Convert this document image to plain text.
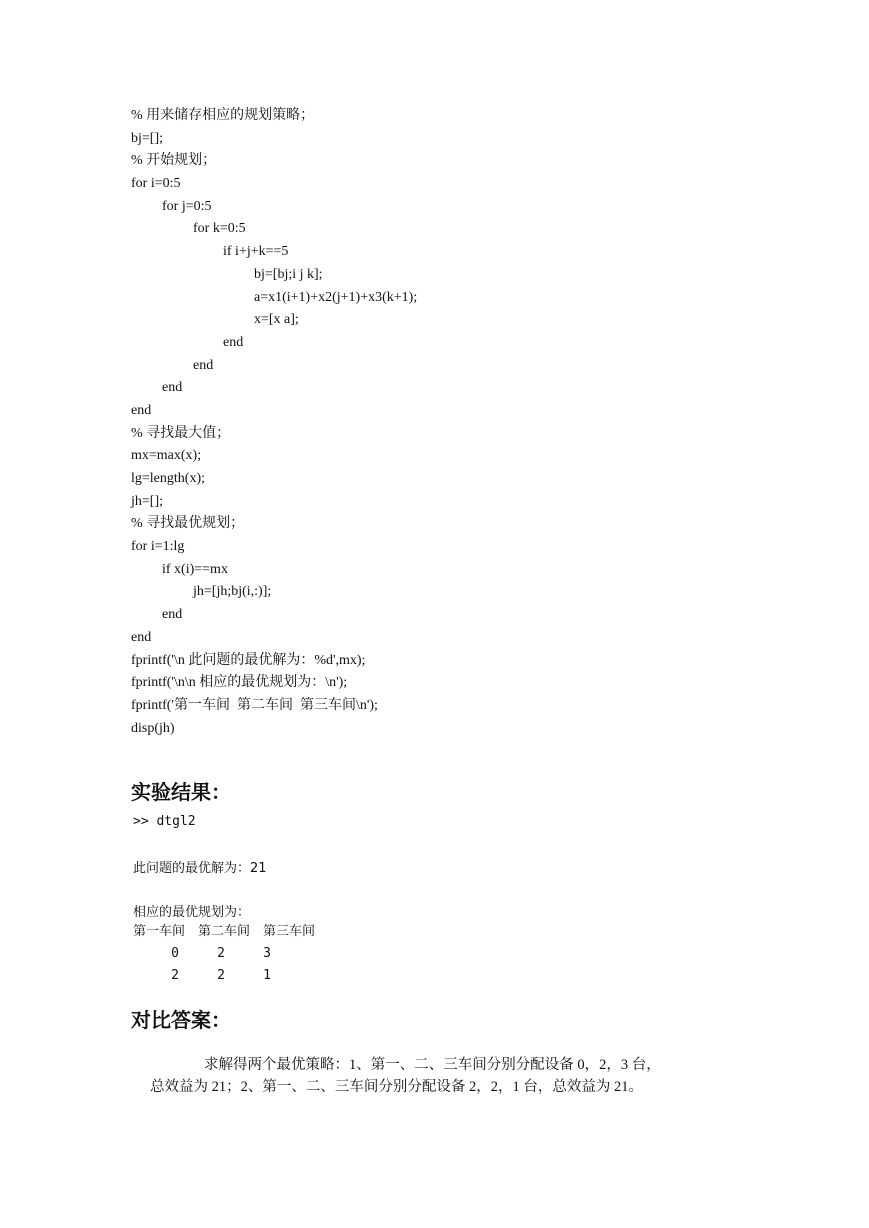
% 用来储存相应的规划策略；
bj=[];
% 开始规划；
for i=0:5
for j=0:5
for k=0:5
if i+j+k==5
bj=[bj;i j k];
a=x1(i+1)+x2(j+1)+x3(k+1);
x=[x a];
end
end
end
end
% 寻找最大值；
mx=max(x);
lg=length(x);
jh=[];
% 寻找最优规划；
for i=1:lg
if x(i)==mx
jh=[jh;bj(i,:)];
end
end
fprintf('\n 此问题的最优解为：%d',mx);
fprintf('\n\n 相应的最优规划为：\n');
fprintf('第一车间  第二车间  第三车间\n');
disp(jh)
实验结果：
>> dtgl2
此问题的最优解为：21
相应的最优规划为：
第一车间 第二车间 第三车间
0	2	3
2	2	1
对比答案：
求解得两个最优策略：1、第一、二、三车间分别分配设备 0，2，3 台，
总效益为 21；2、第一、二、三车间分别分配设备 2，2，1 台，总效益为 21。
